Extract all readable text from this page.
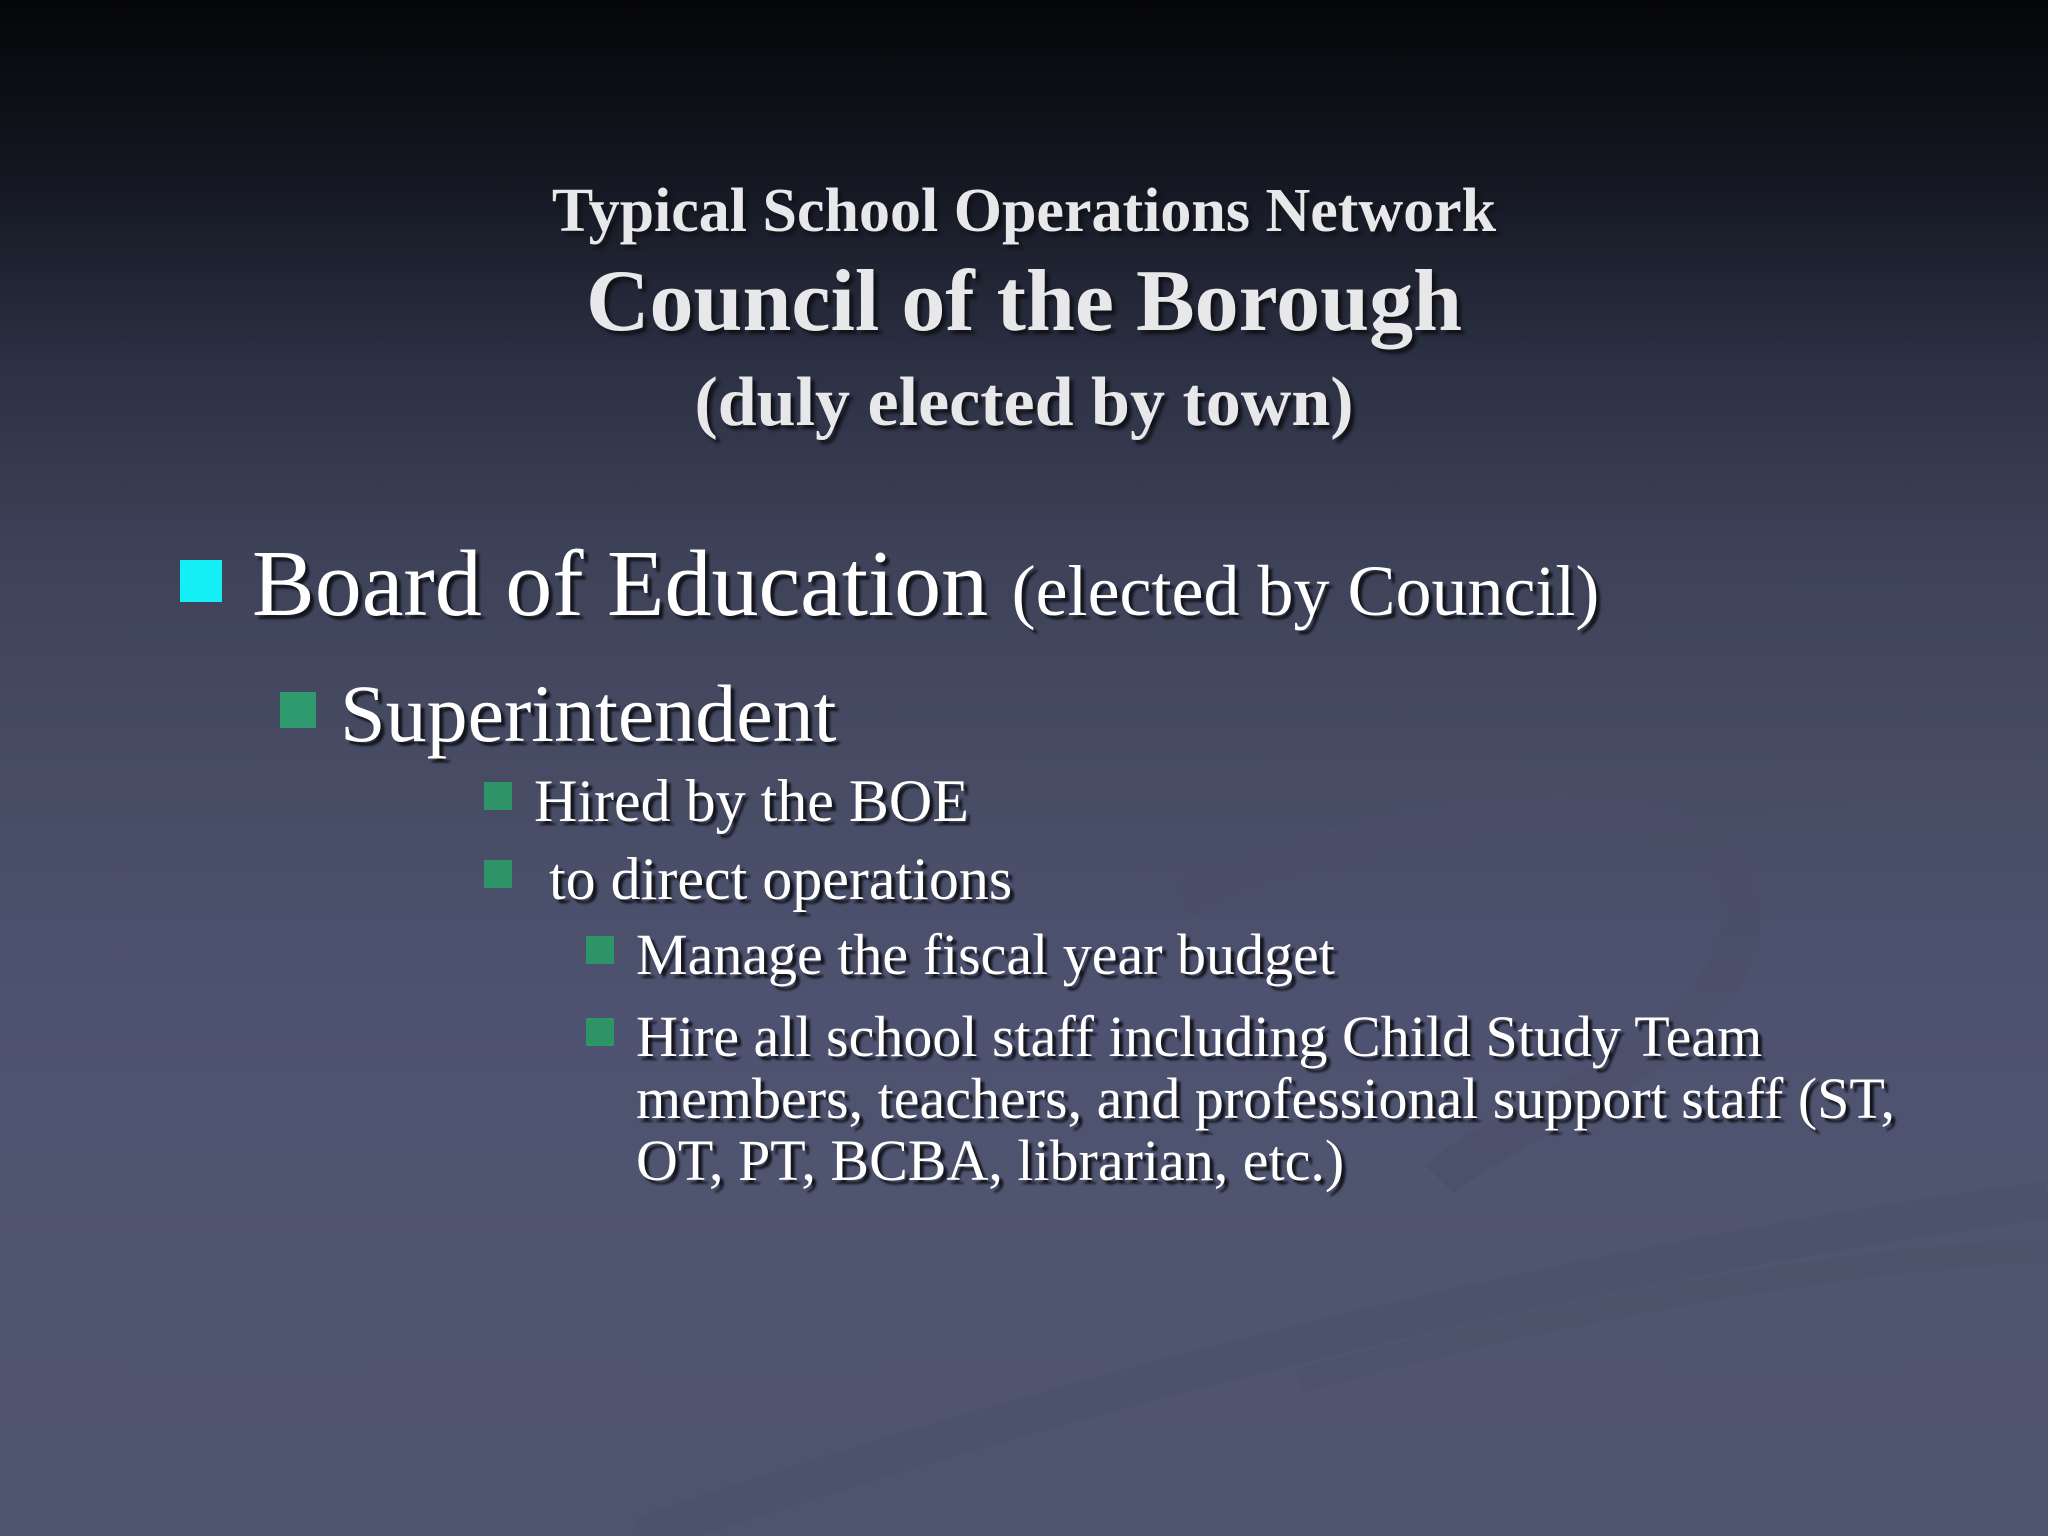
Typical School Operations Network

Council of the Borough

(duly elected by town)

Board of Education (elected by Council)
Superintendent
Hired by the BOE
to direct operations
Manage the fiscal year budget
Hire all school staff including Child Study Team members, teachers, and professional support staff (ST, OT, PT, BCBA, librarian, etc.)
